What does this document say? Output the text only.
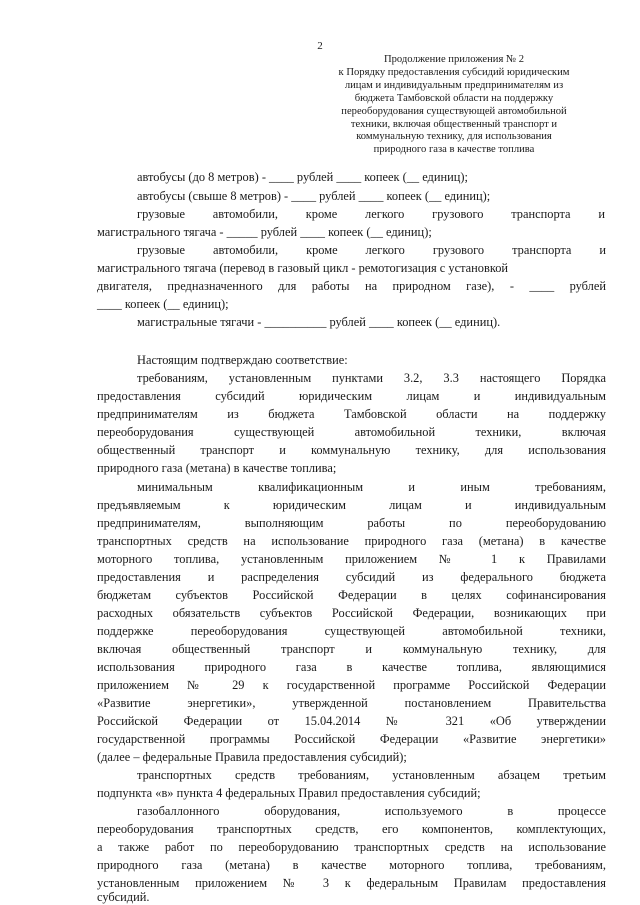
2
Продолжение приложения № 2
к Порядку предоставления субсидий юридическим
лицам и индивидуальным предпринимателям из
бюджета Тамбовской области на поддержку
переоборудования существующей автомобильной
техники, включая общественный транспорт и
коммунальную технику, для использования
природного газа в качестве топлива
автобусы (до 8 метров) - ____ рублей ____ копеек (__ единиц);
автобусы (свыше 8 метров) - ____ рублей ____ копеек (__ единиц);
грузовые автомобили, кроме легкого грузового транспорта и
магистрального тягача - _____ рублей ____ копеек (__ единиц);
грузовые автомобили, кроме легкого грузового транспорта и
магистрального тягача (перевод в газовый цикл - ремотогизация с установкой
двигателя, предназначенного для работы на природном газе), - ____ рублей
____ копеек (__ единиц);
магистральные тягачи - __________ рублей ____ копеек (__ единиц).
Настоящим подтверждаю соответствие:
требованиям, установленным пунктами 3.2, 3.3 настоящего Порядка
предоставления субсидий юридическим лицам и индивидуальным
предпринимателям из бюджета Тамбовской области на поддержку
переоборудования существующей автомобильной техники, включая
общественный транспорт и коммунальную технику, для использования
природного газа (метана) в качестве топлива;
минимальным квалификационным и иным требованиям,
предъявляемым к юридическим лицам и индивидуальным
предпринимателям, выполняющим работы по переоборудованию
транспортных средств на использование природного газа (метана) в качестве
моторного топлива, установленным приложением № 1 к Правилами
предоставления и распределения субсидий из федерального бюджета
бюджетам субъектов Российской Федерации в целях софинансирования
расходных обязательств субъектов Российской Федерации, возникающих при
поддержке переоборудования существующей автомобильной техники,
включая общественный транспорт и коммунальную технику, для
использования природного газа в качестве топлива, являющимися
приложением № 29 к государственной программе Российской Федерации
«Развитие энергетики», утвержденной постановлением Правительства
Российской Федерации от 15.04.2014 № 321 «Об утверждении
государственной программы Российской Федерации «Развитие энергетики»
(далее – федеральные Правила предоставления субсидий);
транспортных средств требованиям, установленным абзацем третьим
подпункта «в» пункта 4 федеральных Правил предоставления субсидий;
газобаллонного оборудования, используемого в процессе
переоборудования транспортных средств, его компонентов, комплектующих,
а также работ по переоборудованию транспортных средств на использование
природного газа (метана) в качестве моторного топлива, требованиям,
установленным приложением № 3 к федеральным Правилам предоставления
субсидий.
